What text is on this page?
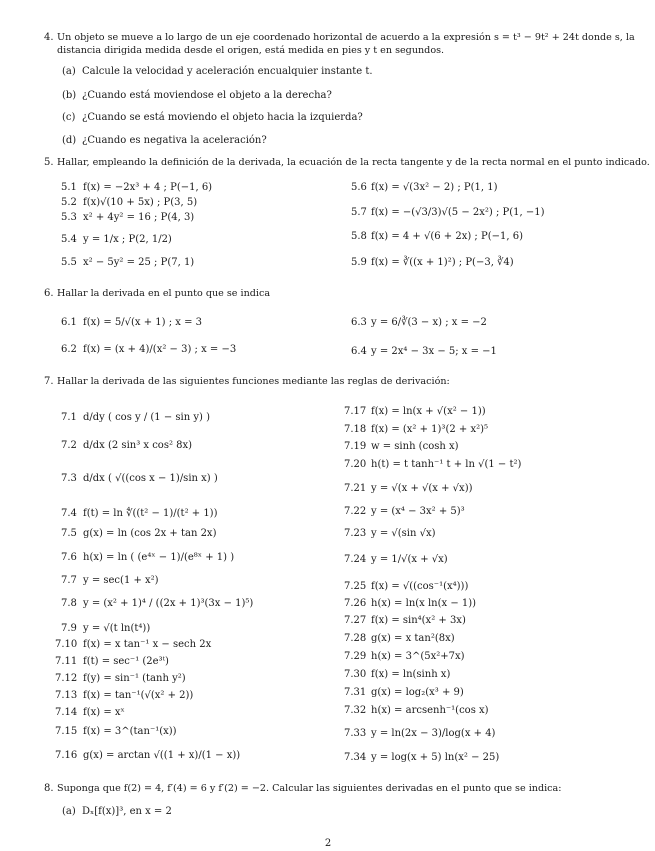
4. Un objeto se mueve a lo largo de un eje coordenado horizontal de acuerdo a la expresión s = t³ − 9t² + 24t donde s, la
distancia dirigida medida desde el origen, está medida en pies y t en segundos.
(a) Calcule la velocidad y aceleración encualquier instante t.
(b) ¿Cuando está moviendose el objeto a la derecha?
(c) ¿Cuando se está moviendo el objeto hacia la izquierda?
(d) ¿Cuando es negativa la aceleración?
5. Hallar, empleando la definición de la derivada, la ecuación de la recta tangente y de la recta normal en el punto indicado.
5.1 f(x) = −2x³ + 4 ; P(−1, 6)
5.2 f(x)√(10 + 5x) ; P(3, 5)
5.3 x² + 4y² = 16 ; P(4, 3)
5.4 y = 1/x ; P(2, 1/2)
5.5 x² − 5y² = 25 ; P(7, 1)
5.6 f(x) = √(3x² − 2) ; P(1, 1)
5.7 f(x) = −(√3/3)√(5 − 2x²) ; P(1, −1)
5.8 f(x) = 4 + √(6 + 2x) ; P(−1, 6)
5.9 f(x) = ∛((x + 1)²) ; P(−3, ∛4)
6. Hallar la derivada en el punto que se indica
6.1 f(x) = 5/√(x + 1) ; x = 3
6.2 f(x) = (x + 4)/(x² − 3) ; x = −3
6.3 y = 6/∛(3 − x) ; x = −2
6.4 y = 2x⁴ − 3x − 5; x = −1
7. Hallar la derivada de las siguientes funciones mediante las reglas de derivación:
7.1 d/dy ( cos y / (1 − sin y) )
7.2 d/dx (2 sin³ x cos² 8x)
7.3 d/dx ( √((cos x − 1)/sin x) )
7.4 f(t) = ln ∜((t² − 1)/(t² + 1))
7.5 g(x) = ln (cos 2x + tan 2x)
7.6 h(x) = ln ( (e⁴ˣ − 1)/(e⁸ˣ + 1) )
7.7 y = sec(1 + x²)
7.8 y = (x² + 1)⁴ / ((2x + 1)³(3x − 1)⁵)
7.9 y = √(t ln(t⁴))
7.10 f(x) = x tan⁻¹ x − sech 2x
7.11 f(t) = sec⁻¹ (2e³ᵗ)
7.12 f(y) = sin⁻¹ (tanh y²)
7.13 f(x) = tan⁻¹(√(x² + 2))
7.14 f(x) = xˣ
7.15 f(x) = 3^(tan⁻¹(x))
7.16 g(x) = arctan √((1 + x)/(1 − x))
7.17 f(x) = ln(x + √(x² − 1))
7.18 f(x) = (x² + 1)³(2 + x²)⁵
7.19 w = sinh (cosh x)
7.20 h(t) = t tanh⁻¹ t + ln √(1 − t²)
7.21 y = √(x + √(x + √x))
7.22 y = (x⁴ − 3x² + 5)³
7.23 y = √(sin √x)
7.24 y = 1/√(x + √x)
7.25 f(x) = √((cos⁻¹(x⁴)))
7.26 h(x) = ln(x ln(x − 1))
7.27 f(x) = sin⁴(x² + 3x)
7.28 g(x) = x tan²(8x)
7.29 h(x) = 3^(5x²+7x)
7.30 f(x) = ln(sinh x)
7.31 g(x) = log₂(x³ + 9)
7.32 h(x) = arcsenh⁻¹(cos x)
7.33 y = ln(2x − 3)/log(x + 4)
7.34 y = log(x + 5) ln(x² − 25)
8. Suponga que f(2) = 4, f′(4) = 6 y f′(2) = −2. Calcular las siguientes derivadas en el punto que se indica:
(a) Dₓ[f(x)]³, en x = 2
2
